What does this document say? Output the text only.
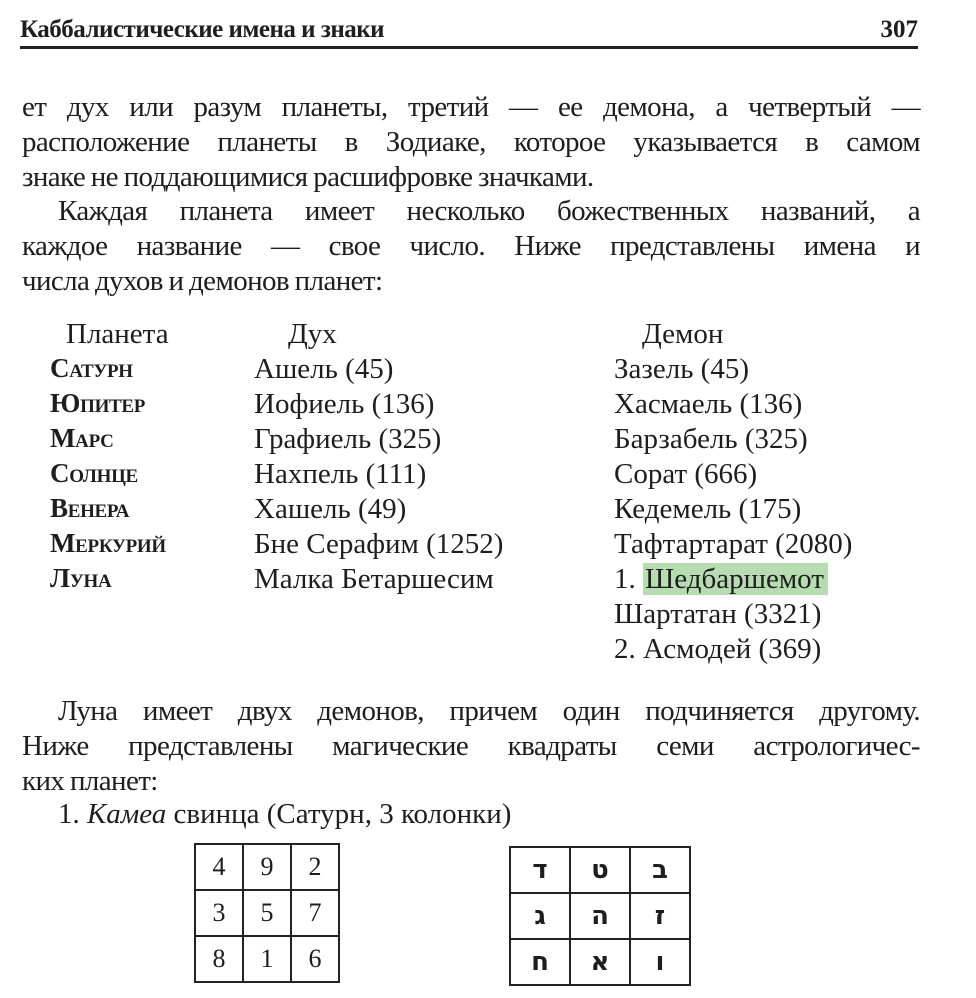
Каббалистические имена и знаки	307
ет дух или разум планеты, третий — ее демона, а четвертый —
расположение планеты в Зодиаке, которое указывается в самом
знаке не поддающимися расшифровке значками.
Каждая планета имеет несколько божественных названий, а
каждое название — свое число. Ниже представлены имена и
числа духов и демонов планет:
Планета	Дух	Демон
Сатурн	Ашель (45)	Зазель (45)
Юпитер	Иофиель (136)	Хасмаель (136)
Марс	Графиель (325)	Барзабель (325)
Солнце	Нахпель (111)	Сорат (666)
Венера	Хашель (49)	Кедемель (175)
Меркурий	Бне Серафим (1252)	Тафтартарат (2080)
Луна	Малка Бетаршесим	1. Шедбаршемот
		Шартатан (3321)
		2. Асмодей (369)
Луна имеет двух демонов, причем один подчиняется другому.
Ниже представлены магические квадраты семи астрологичес-
ких планет:
1. Камеа свинца (Сатурн, 3 колонки)
4	9	2
3	5	7
8	1	6
ד	ט	ב
ג	ה	ז
ח	א	ו
